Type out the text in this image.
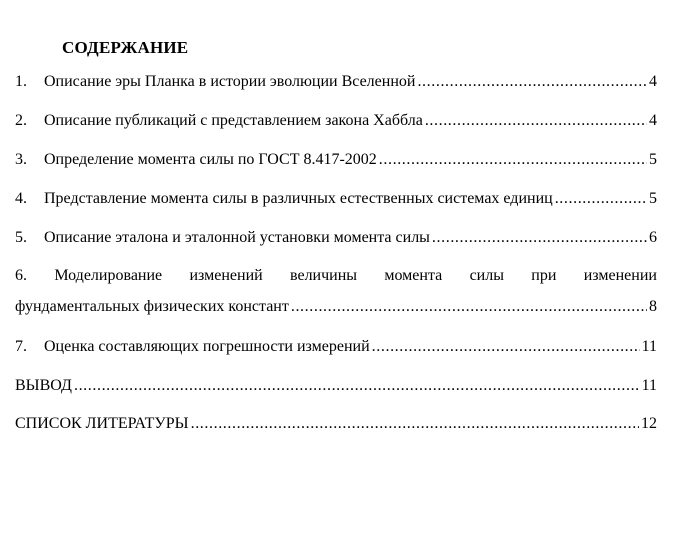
СОДЕРЖАНИЕ
1.	Описание эры Планка в истории эволюции Вселенной .....	4
2.	Описание публикаций с представлением закона Хаббла .....	4
3.	Определение момента силы по ГОСТ 8.417-2002 .....	5
4.	Представление момента силы в различных естественных системах единиц .....	5
5.	Описание эталона и эталонной установки момента силы .....	6
6. Моделирование изменений величины момента силы при изменении
фундаментальных физических констант .....	8
7.	Оценка составляющих погрешности измерений .....	11
ВЫВОД .....	11
СПИСОК ЛИТЕРАТУРЫ .....	12
